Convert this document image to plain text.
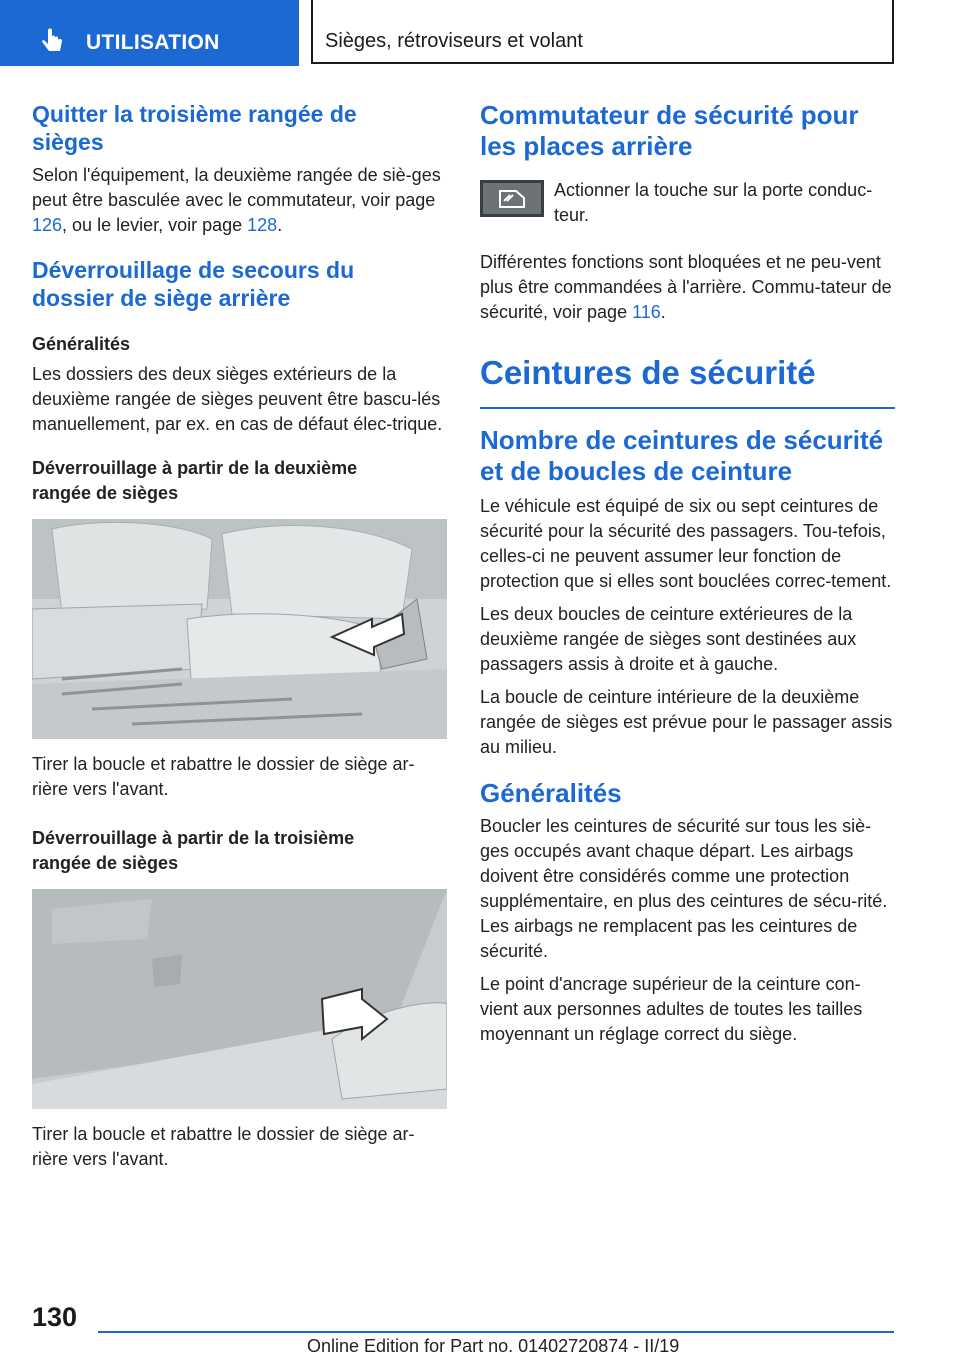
UTILISATION	Sièges, rétroviseurs et volant
Quitter la troisième rangée de sièges

Selon l'équipement, la deuxième rangée de siè-ges peut être basculée avec le commutateur, voir page 126, ou le levier, voir page 128.

Déverrouillage de secours du dossier de siège arrière
Généralités

Les dossiers des deux sièges extérieurs de la deuxième rangée de sièges peuvent être bascu-lés manuellement, par ex. en cas de défaut élec-trique.

Déverrouillage à partir de la deuxième rangée de sièges

Tirer la boucle et rabattre le dossier de siège ar-rière vers l'avant.

Déverrouillage à partir de la troisième rangée de sièges

Tirer la boucle et rabattre le dossier de siège ar-rière vers l'avant.

Commutateur de sécurité pour les places arrière

Actionner la touche sur la porte conduc-teur.

Différentes fonctions sont bloquées et ne peu-vent plus être commandées à l'arrière. Commu-tateur de sécurité, voir page 116.

Ceintures de sécurité
Nombre de ceintures de sécurité et de boucles de ceinture

Le véhicule est équipé de six ou sept ceintures de sécurité pour la sécurité des passagers. Tou-tefois, celles-ci ne peuvent assumer leur fonction de protection que si elles sont bouclées correc-tement.

Les deux boucles de ceinture extérieures de la deuxième rangée de sièges sont destinées aux passagers assis à droite et à gauche.

La boucle de ceinture intérieure de la deuxième rangée de sièges est prévue pour le passager assis au milieu.

Généralités

Boucler les ceintures de sécurité sur tous les siè-ges occupés avant chaque départ. Les airbags doivent être considérés comme une protection supplémentaire, en plus des ceintures de sécu-rité. Les airbags ne remplacent pas les ceintures de sécurité.

Le point d'ancrage supérieur de la ceinture con-vient aux personnes adultes de toutes les tailles moyennant un réglage correct du siège.

130
Online Edition for Part no. 01402720874 - II/19
